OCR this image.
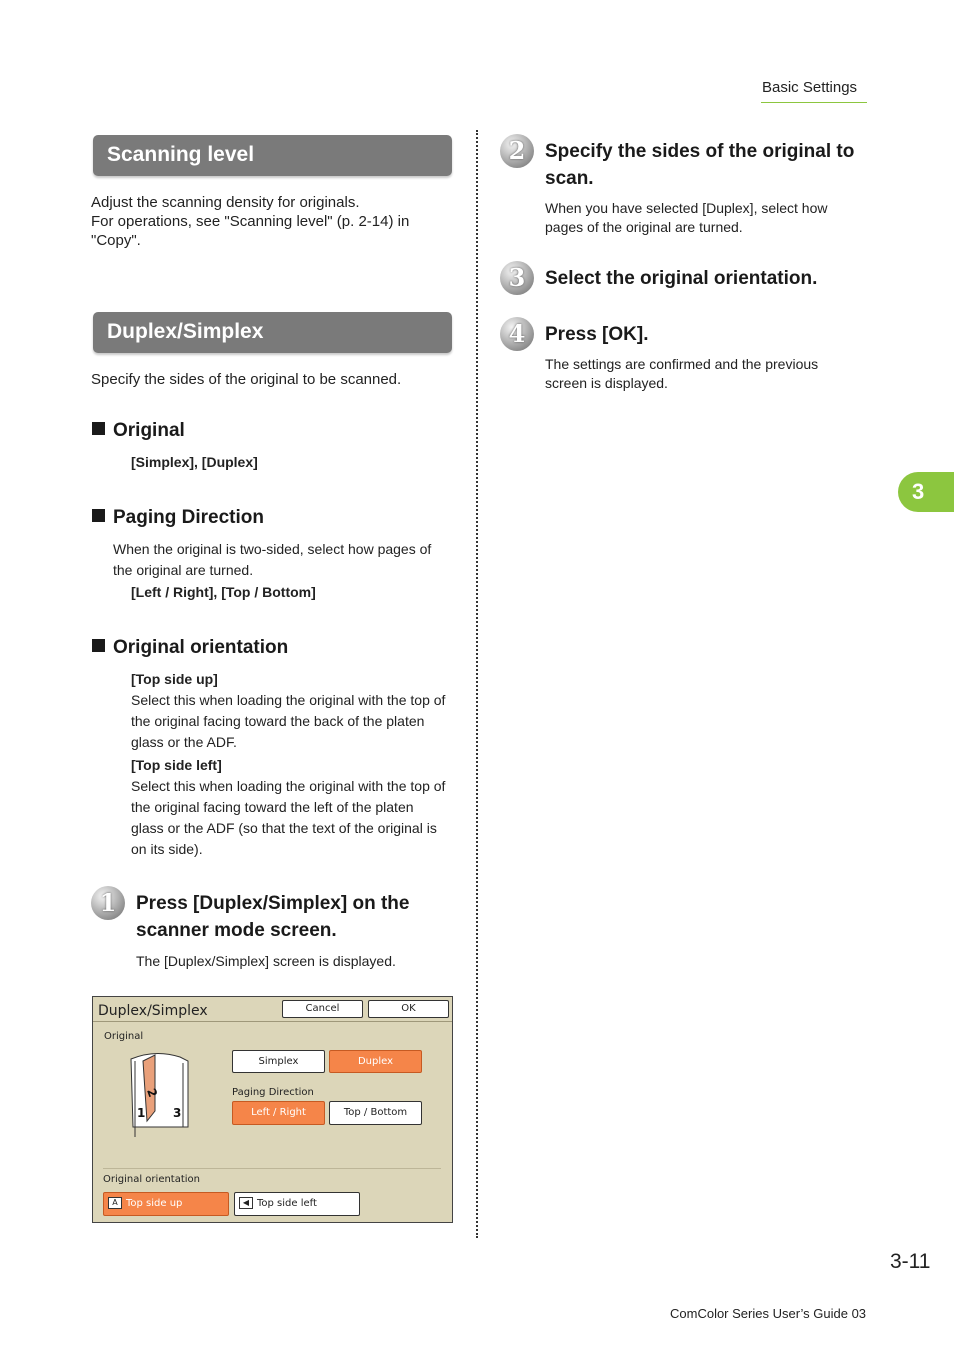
Basic Settings
Scanning level
Adjust the scanning density for originals.
For operations, see "Scanning level" (p. 2-14) in
"Copy".
Duplex/Simplex
Specify the sides of the original to be scanned.
Original
[Simplex], [Duplex]
Paging Direction
When the original is two-sided, select how pages of
the original are turned.
[Left / Right], [Top / Bottom]
Original orientation
[Top side up]
Select this when loading the original with the top of
the original facing toward the back of the platen
glass or the ADF.
[Top side left]
Select this when loading the original with the top of
the original facing toward the left of the platen
glass or the ADF (so that the text of the original is
on its side).
1	Press [Duplex/Simplex] on the
scanner mode screen.
The [Duplex/Simplex] screen is displayed.
Duplex/Simplex	Cancel	OK
Original
1
2
3
Simplex	Duplex
Paging Direction
Left / Right	Top / Bottom
Original orientation
A Top side up	◀ Top side left
2	Specify the sides of the original to
scan.
When you have selected [Duplex], select how
pages of the original are turned.
3	Select the original orientation.
4	Press [OK].
The settings are confirmed and the previous
screen is displayed.
3
3-11
ComColor Series User’s Guide 03
